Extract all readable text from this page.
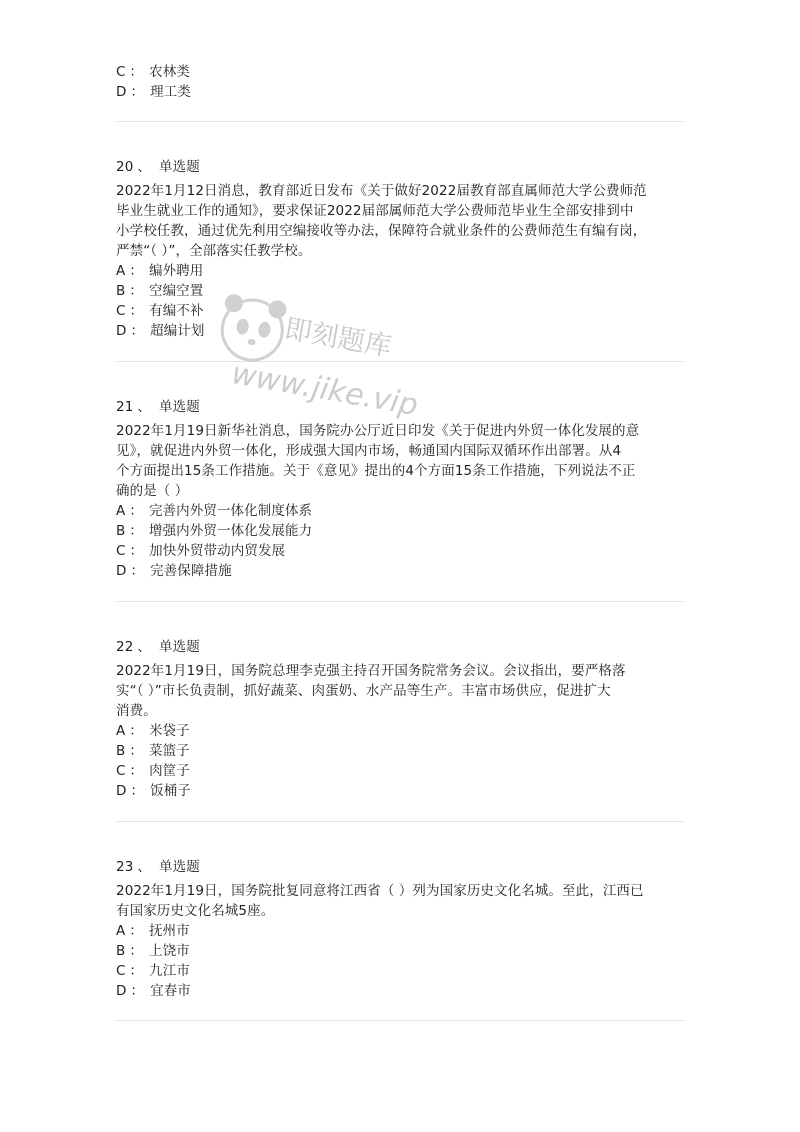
C ： 农林类
D ： 理工类
20 、 单选题
2022年1月12日消息，教育部近日发布《关于做好2022届教育部直属师范大学公费师范
毕业生就业工作的通知》，要求保证2022届部属师范大学公费师范毕业生全部安排到中
小学校任教，通过优先利用空编接收等办法，保障符合就业条件的公费师范生有编有岗，
严禁“（ ）”，全部落实任教学校。
A ： 编外聘用
B ： 空编空置
C ： 有编不补
D ： 超编计划
21 、 单选题
2022年1月19日新华社消息，国务院办公厅近日印发《关于促进内外贸一体化发展的意
见》，就促进内外贸一体化，形成强大国内市场，畅通国内国际双循环作出部署。从4
个方面提出15条工作措施。关于《意见》提出的4个方面15条工作措施，下列说法不正
确的是（ ）
A ： 完善内外贸一体化制度体系
B ： 增强内外贸一体化发展能力
C ： 加快外贸带动内贸发展
D ： 完善保障措施
22 、 单选题
2022年1月19日，国务院总理李克强主持召开国务院常务会议。会议指出，要严格落
实“（ ）”市长负责制，抓好蔬菜、肉蛋奶、水产品等生产。丰富市场供应，促进扩大
消费。
A ： 米袋子
B ： 菜篮子
C ： 肉筐子
D ： 饭桶子
23 、 单选题
2022年1月19日，国务院批复同意将江西省（ ）列为国家历史文化名城。至此，江西已
有国家历史文化名城5座。
A ： 抚州市
B ： 上饶市
C ： 九江市
D ： 宜春市
即刻题库
www.jike.vip
